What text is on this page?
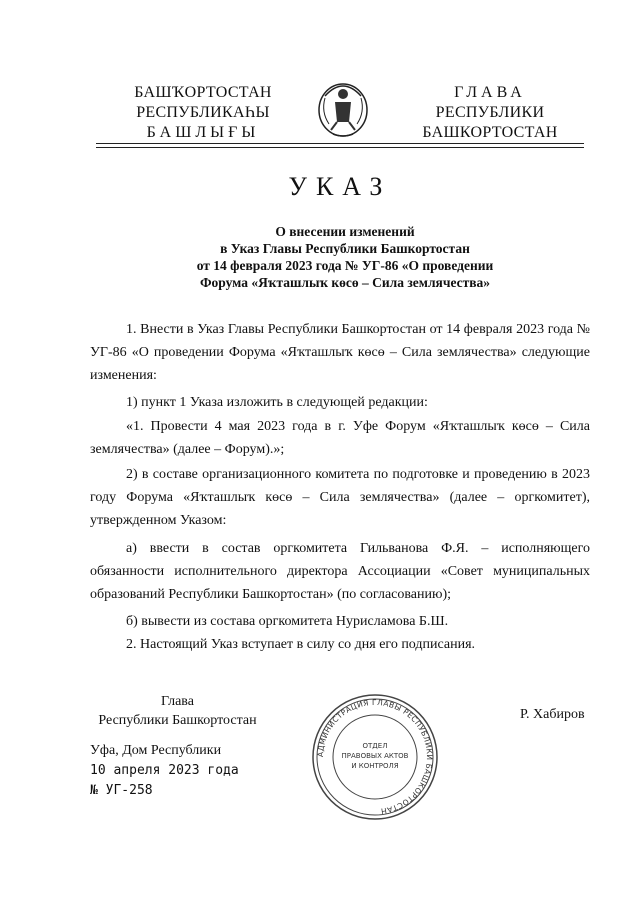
БАШҠОРТОСТАН
РЕСПУБЛИКАҺЫ
БАШЛЫҒЫ
ГЛАВА
РЕСПУБЛИКИ
БАШКОРТОСТАН
УКАЗ
О внесении изменений
в Указ Главы Республики Башкортостан
от 14 февраля 2023 года № УГ-86 «О проведении
Форума «Яҡташлыҡ көсө – Сила землячества»
1. Внести в Указ Главы Республики Башкортостан от 14 февраля 2023 года № УГ-86 «О проведении Форума «Яҡташлыҡ көсө – Сила землячества» следующие изменения:
1) пункт 1 Указа изложить в следующей редакции:
«1. Провести 4 мая 2023 года в г. Уфе Форум «Яҡташлыҡ көсө – Сила землячества» (далее – Форум).»;
2) в составе организационного комитета по подготовке и проведению в 2023 году Форума «Яҡташлыҡ көсө – Сила землячества» (далее – оргкомитет), утвержденном Указом:
а) ввести в состав оргкомитета Гильванова Ф.Я. – исполняющего обязанности исполнительного директора Ассоциации «Совет муниципальных образований Республики Башкортостан» (по согласованию);
б) вывести из состава оргкомитета Нурисламова Б.Ш.
2. Настоящий Указ вступает в силу со дня его подписания.
Глава
Республики Башкортостан	Р. Хабиров
Уфа, Дом Республики
10 апреля 2023 года
№ УГ-258
АДМИНИСТРАЦИЯ ГЛАВЫ РЕСПУБЛИКИ БАШКОРТОСТАН
ОТДЕЛ
ПРАВОВЫХ АКТОВ
И КОНТРОЛЯ
